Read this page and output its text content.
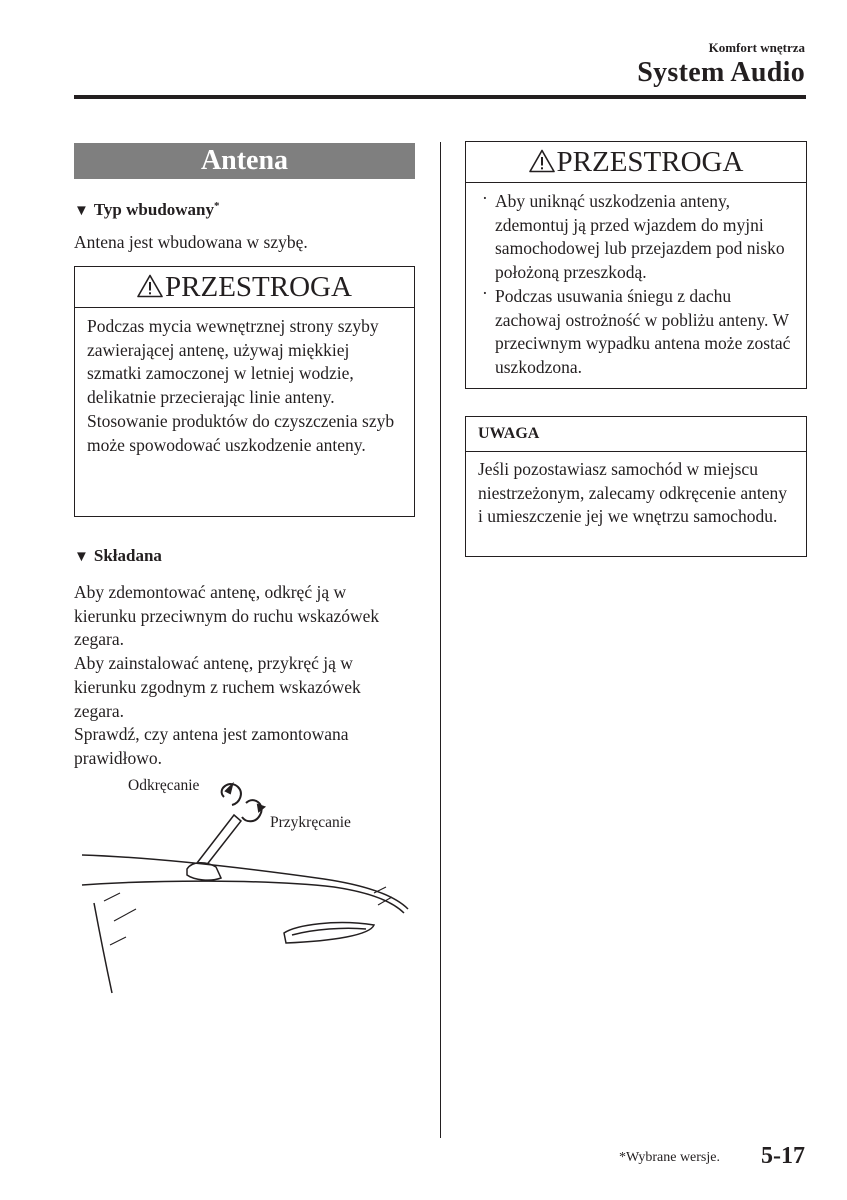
Komfort wnętrza
System Audio
Antena
▼ Typ wbudowany*
Antena jest wbudowana w szybę.
PRZESTROGA

Podczas mycia wewnętrznej strony szyby zawierającej antenę, używaj miękkiej szmatki zamoczonej w letniej wodzie, delikatnie przecierając linie anteny.

Stosowanie produktów do czyszczenia szyb może spowodować uszkodzenie anteny.

▼ Składana
Aby zdemontować antenę, odkręć ją w kierunku przeciwnym do ruchu wskazówek zegara.
Aby zainstalować antenę, przykręć ją w kierunku zgodnym z ruchem wskazówek zegara.
Sprawdź, czy antena jest zamontowana prawidłowo.
Odkręcanie
Przykręcanie
PRZESTROGA

· Aby uniknąć uszkodzenia anteny, zdemontuj ją przed wjazdem do myjni samochodowej lub przejazdem pod nisko położoną przeszkodą.

· Podczas usuwania śniegu z dachu zachowaj ostrożność w pobliżu anteny. W przeciwnym wypadku antena może zostać uszkodzona.

UWAGA
Jeśli pozostawiasz samochód w miejscu niestrzeżonym, zalecamy odkręcenie anteny i umieszczenie jej we wnętrzu samochodu.
*Wybrane wersje. 5-17
